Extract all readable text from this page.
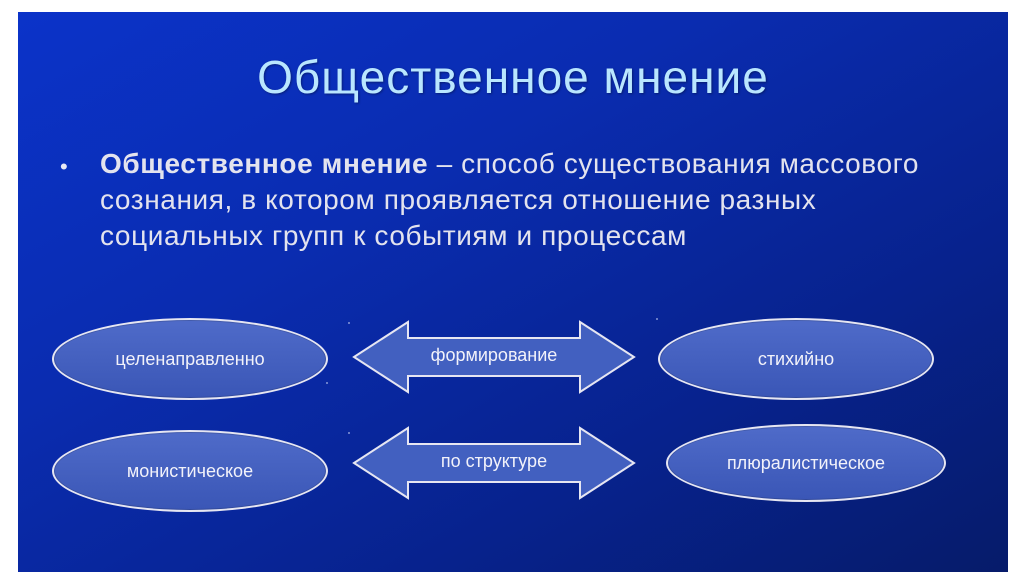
Общественное мнение
• Общественное мнение – способ существования массового сознания, в котором проявляется отношение разных социальных групп к событиям и процессам
целенаправленно	формирование	стихийно
монистическое	по структуре	плюралистическое
